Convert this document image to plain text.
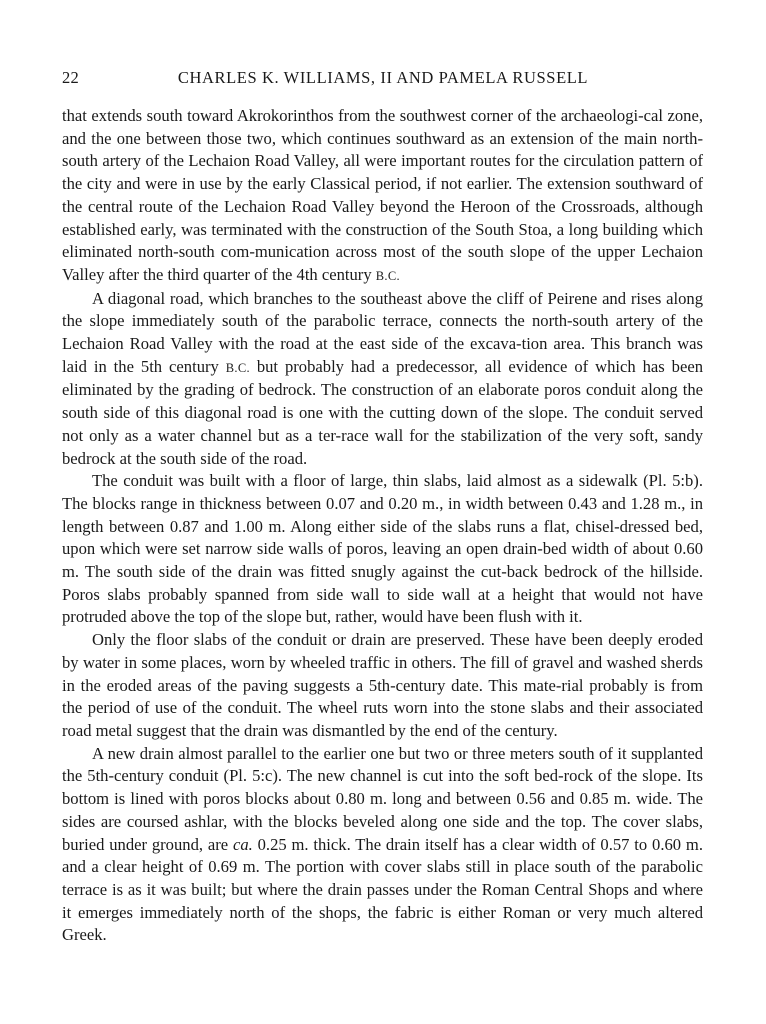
22	CHARLES K. WILLIAMS, II AND PAMELA RUSSELL

that extends south toward Akrokorinthos from the southwest corner of the archaeologi-cal zone, and the one between those two, which continues southward as an extension of the main north-south artery of the Lechaion Road Valley, all were important routes for the circulation pattern of the city and were in use by the early Classical period, if not earlier. The extension southward of the central route of the Lechaion Road Valley beyond the Heroon of the Crossroads, although established early, was terminated with the construction of the South Stoa, a long building which eliminated north-south com-munication across most of the south slope of the upper Lechaion Valley after the third quarter of the 4th century B.C.

A diagonal road, which branches to the southeast above the cliff of Peirene and rises along the slope immediately south of the parabolic terrace, connects the north-south artery of the Lechaion Road Valley with the road at the east side of the excava-tion area. This branch was laid in the 5th century B.C. but probably had a predecessor, all evidence of which has been eliminated by the grading of bedrock. The construction of an elaborate poros conduit along the south side of this diagonal road is one with the cutting down of the slope. The conduit served not only as a water channel but as a ter-race wall for the stabilization of the very soft, sandy bedrock at the south side of the road.

The conduit was built with a floor of large, thin slabs, laid almost as a sidewalk (Pl. 5:b). The blocks range in thickness between 0.07 and 0.20 m., in width between 0.43 and 1.28 m., in length between 0.87 and 1.00 m. Along either side of the slabs runs a flat, chisel-dressed bed, upon which were set narrow side walls of poros, leaving an open drain-bed width of about 0.60 m. The south side of the drain was fitted snugly against the cut-back bedrock of the hillside. Poros slabs probably spanned from side wall to side wall at a height that would not have protruded above the top of the slope but, rather, would have been flush with it.

Only the floor slabs of the conduit or drain are preserved. These have been deeply eroded by water in some places, worn by wheeled traffic in others. The fill of gravel and washed sherds in the eroded areas of the paving suggests a 5th-century date. This mate-rial probably is from the period of use of the conduit. The wheel ruts worn into the stone slabs and their associated road metal suggest that the drain was dismantled by the end of the century.

A new drain almost parallel to the earlier one but two or three meters south of it supplanted the 5th-century conduit (Pl. 5:c). The new channel is cut into the soft bed-rock of the slope. Its bottom is lined with poros blocks about 0.80 m. long and between 0.56 and 0.85 m. wide. The sides are coursed ashlar, with the blocks beveled along one side and the top. The cover slabs, buried under ground, are ca. 0.25 m. thick. The drain itself has a clear width of 0.57 to 0.60 m. and a clear height of 0.69 m. The portion with cover slabs still in place south of the parabolic terrace is as it was built; but where the drain passes under the Roman Central Shops and where it emerges immediately north of the shops, the fabric is either Roman or very much altered Greek.
